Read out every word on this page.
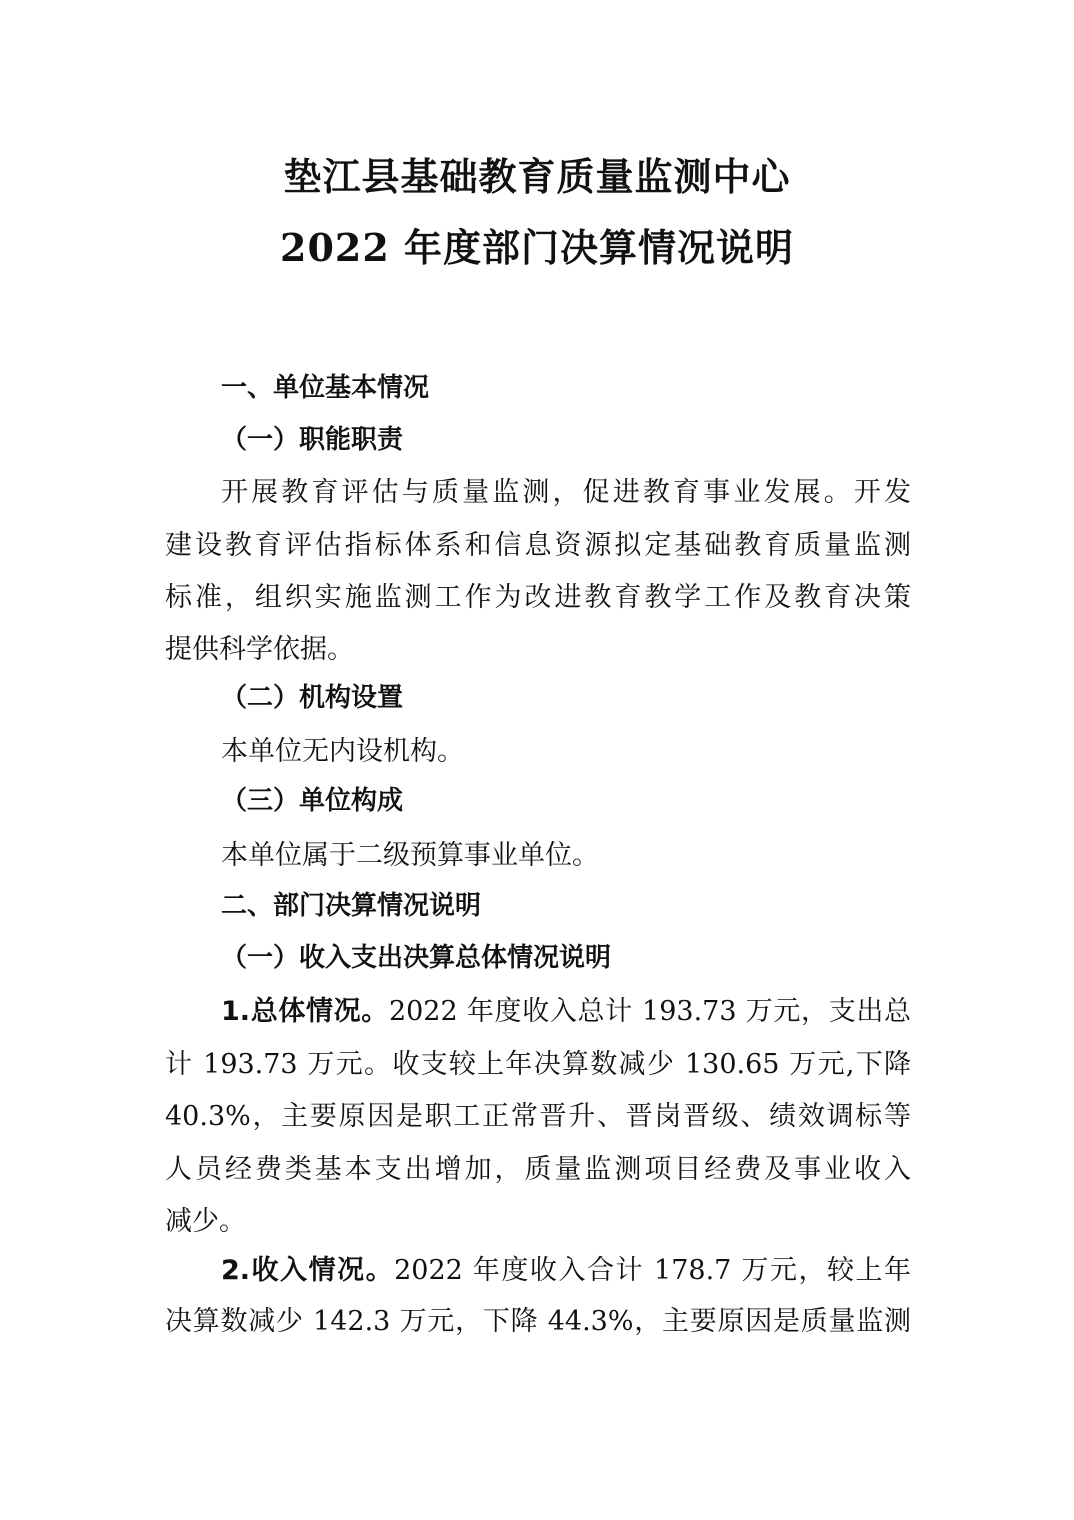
垫江县基础教育质量监测中心
2022 年度部门决算情况说明
一、单位基本情况
（一）职能职责
开展教育评估与质量监测，促进教育事业发展。开发
建设教育评估指标体系和信息资源拟定基础教育质量监测
标准，组织实施监测工作为改进教育教学工作及教育决策
提供科学依据。
（二）机构设置
本单位无内设机构。
（三）单位构成
本单位属于二级预算事业单位。
二、部门决算情况说明
（一）收入支出决算总体情况说明
1.总体情况。2022 年度收入总计 193.73 万元，支出总
计 193.73 万元。收支较上年决算数减少 130.65 万元,下降
40.3%，主要原因是职工正常晋升、晋岗晋级、绩效调标等
人员经费类基本支出增加，质量监测项目经费及事业收入
减少。
2.收入情况。2022 年度收入合计 178.7 万元，较上年
决算数减少 142.3 万元，下降 44.3%，主要原因是质量监测
